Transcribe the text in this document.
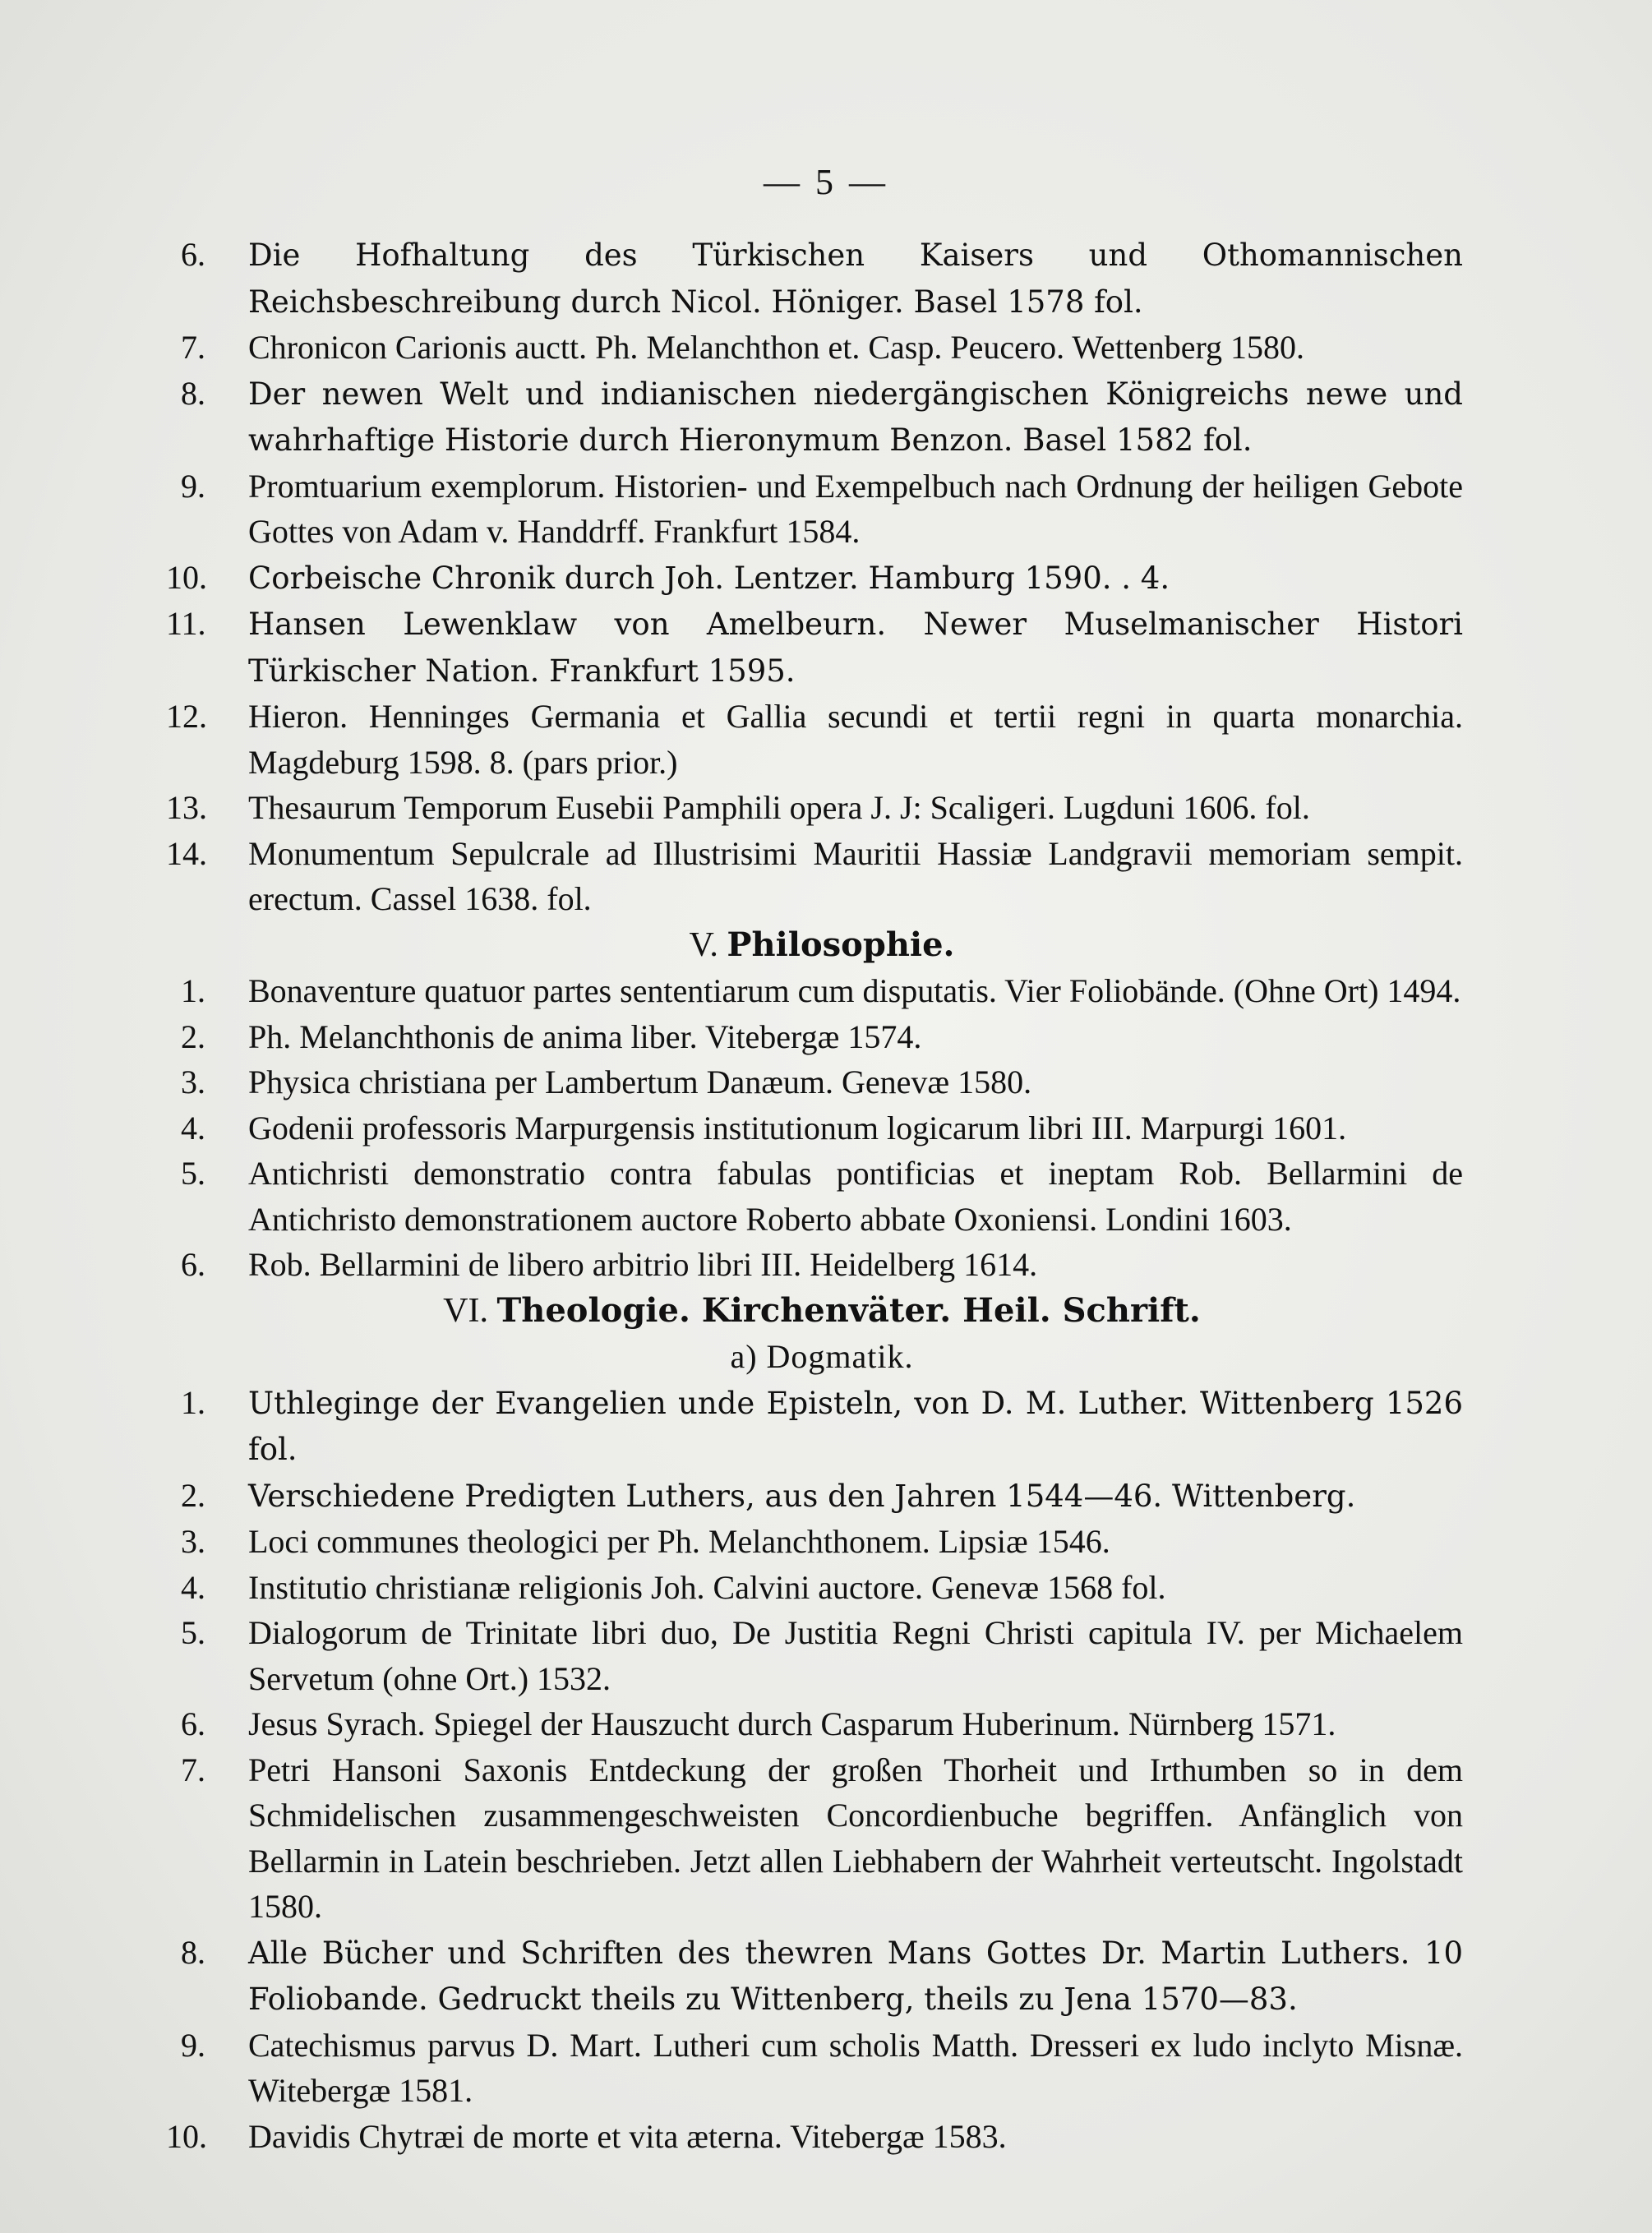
— 5 —
6.	Die Hofhaltung des Türkischen Kaisers und Othomannischen Reichsbeschreibung durch Nicol. Höniger. Basel 1578 fol.
7.	Chronicon Carionis auctt. Ph. Melanchthon et. Casp. Peucero. Wettenberg 1580.
8.	Der newen Welt und indianischen niedergängischen Königreichs newe und wahrhaftige Historie durch Hieronymum Benzon. Basel 1582 fol.
9.	Promtuarium exemplorum. Historien- und Exempelbuch nach Ordnung der heiligen Gebote Gottes von Adam v. Handdrff. Frankfurt 1584.
10. Corbeische Chronik durch Joh. Lentzer. Hamburg 1590. . 4.
11. Hansen Lewenklaw von Amelbeurn. Newer Muselmanischer Histori Türkischer Nation. Frankfurt 1595.
12. Hieron. Henninges Germania et Gallia secundi et tertii regni in quarta monarchia. Magdeburg 1598. 8. (pars prior.)
13. Thesaurum Temporum Eusebii Pamphili opera J. J: Scaligeri. Lugduni 1606. fol.
14. Monumentum Sepulcrale ad Illustrisimi Mauritii Hassiæ Landgravii memoriam sempit. erectum. Cassel 1638. fol.
V. Philosophie.
1.	Bonaventure quatuor partes sententiarum cum disputatis. Vier Foliobände. (Ohne Ort) 1494.
2.	Ph. Melanchthonis de anima liber. Vitebergæ 1574.
3.	Physica christiana per Lambertum Danæum. Genevæ 1580.
4.	Godenii professoris Marpurgensis institutionum logicarum libri III. Marpurgi 1601.
5.	Antichristi demonstratio contra fabulas pontificias et ineptam Rob. Bellarmini de Antichristo demonstrationem auctore Roberto abbate Oxoniensi. Londini 1603.
6.	Rob. Bellarmini de libero arbitrio libri III. Heidelberg 1614.
VI. Theologie. Kirchenväter. Heil. Schrift.
a) Dogmatik.
1.	Uthleginge der Evangelien unde Episteln, von D. M. Luther. Wittenberg 1526 fol.
2.	Verschiedene Predigten Luthers, aus den Jahren 1544—46. Wittenberg.
3.	Loci communes theologici per Ph. Melanchthonem. Lipsiæ 1546.
4.	Institutio christianæ religionis Joh. Calvini auctore. Genevæ 1568 fol.
5.	Dialogorum de Trinitate libri duo, De Justitia Regni Christi capitula IV. per Michaelem Servetum (ohne Ort.) 1532.
6.	Jesus Syrach. Spiegel der Hauszucht durch Casparum Huberinum. Nürnberg 1571.
7.	Petri Hansoni Saxonis Entdeckung der großen Thorheit und Irthumben so in dem Schmidelischen zusammengeschweisten Concordienbuche begriffen. Anfänglich von Bellarmin in Latein beschrieben. Jetzt allen Liebhabern der Wahrheit verteutscht. Ingolstadt 1580.
8.	Alle Bücher und Schriften des thewren Mans Gottes Dr. Martin Luthers. 10 Foliobande. Gedruckt theils zu Wittenberg, theils zu Jena 1570—83.
9.	Catechismus parvus D. Mart. Lutheri cum scholis Matth. Dresseri ex ludo inclyto Misnæ. Witebergæ 1581.
10. Davidis Chytræi de morte et vita æterna. Vitebergæ 1583.
